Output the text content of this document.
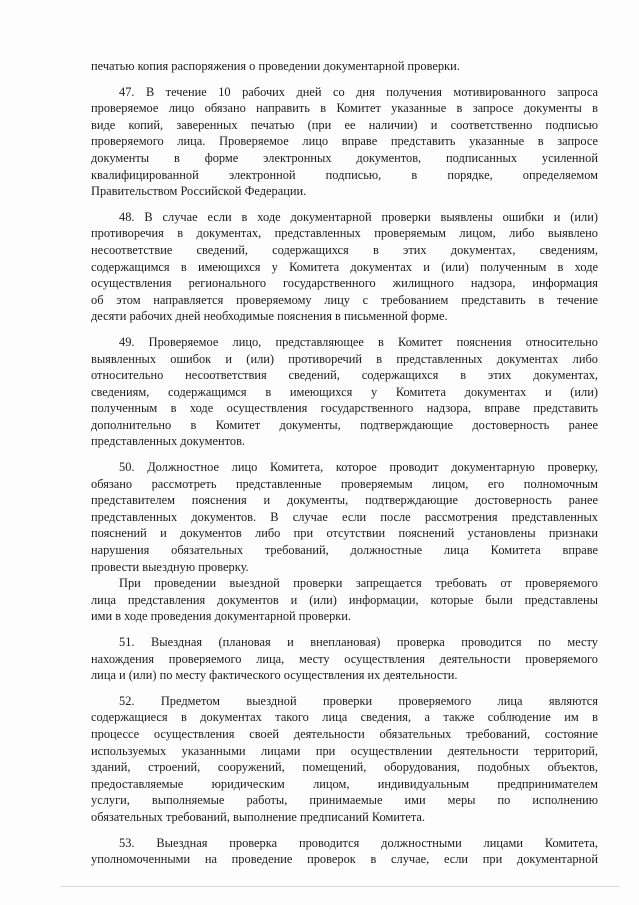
печатью копия распоряжения о проведении документарной проверки.
47. В течение 10 рабочих дней со дня получения мотивированного запроса
проверяемое лицо обязано направить в Комитет указанные в запросе документы в
виде копий, заверенных печатью (при ее наличии) и соответственно подписью
проверяемого лица. Проверяемое лицо вправе представить указанные в запросе
документы в форме электронных документов, подписанных усиленной
квалифицированной электронной подписью, в порядке, определяемом
Правительством Российской Федерации.
48. В случае если в ходе документарной проверки выявлены ошибки и (или)
противоречия в документах, представленных проверяемым лицом, либо выявлено
несоответствие сведений, содержащихся в этих документах, сведениям,
содержащимся в имеющихся у Комитета документах и (или) полученным в ходе
осуществления регионального государственного жилищного надзора, информация
об этом направляется проверяемому лицу с требованием представить в течение
десяти рабочих дней необходимые пояснения в письменной форме.
49. Проверяемое лицо, представляющее в Комитет пояснения относительно
выявленных ошибок и (или) противоречий в представленных документах либо
относительно несоответствия сведений, содержащихся в этих документах,
сведениям, содержащимся в имеющихся у Комитета документах и (или)
полученным в ходе осуществления государственного надзора, вправе представить
дополнительно в Комитет документы, подтверждающие достоверность ранее
представленных документов.
50. Должностное лицо Комитета, которое проводит документарную проверку,
обязано рассмотреть представленные проверяемым лицом, его полномочным
представителем пояснения и документы, подтверждающие достоверность ранее
представленных документов. В случае если после рассмотрения представленных
пояснений и документов либо при отсутствии пояснений установлены признаки
нарушения обязательных требований, должностные лица Комитета вправе
провести выездную проверку.
При проведении выездной проверки запрещается требовать от проверяемого
лица представления документов и (или) информации, которые были представлены
ими в ходе проведения документарной проверки.
51. Выездная (плановая и внеплановая) проверка проводится по месту
нахождения проверяемого лица, месту осуществления деятельности проверяемого
лица и (или) по месту фактического осуществления их деятельности.
52. Предметом выездной проверки проверяемого лица являются
содержащиеся в документах такого лица сведения, а также соблюдение им в
процессе осуществления своей деятельности обязательных требований, состояние
используемых указанными лицами при осуществлении деятельности территорий,
зданий, строений, сооружений, помещений, оборудования, подобных объектов,
предоставляемые юридическим лицом, индивидуальным предпринимателем
услуги, выполняемые работы, принимаемые ими меры по исполнению
обязательных требований, выполнение предписаний Комитета.
53. Выездная проверка проводится должностными лицами Комитета,
уполномоченными на проведение проверок в случае, если при документарной
